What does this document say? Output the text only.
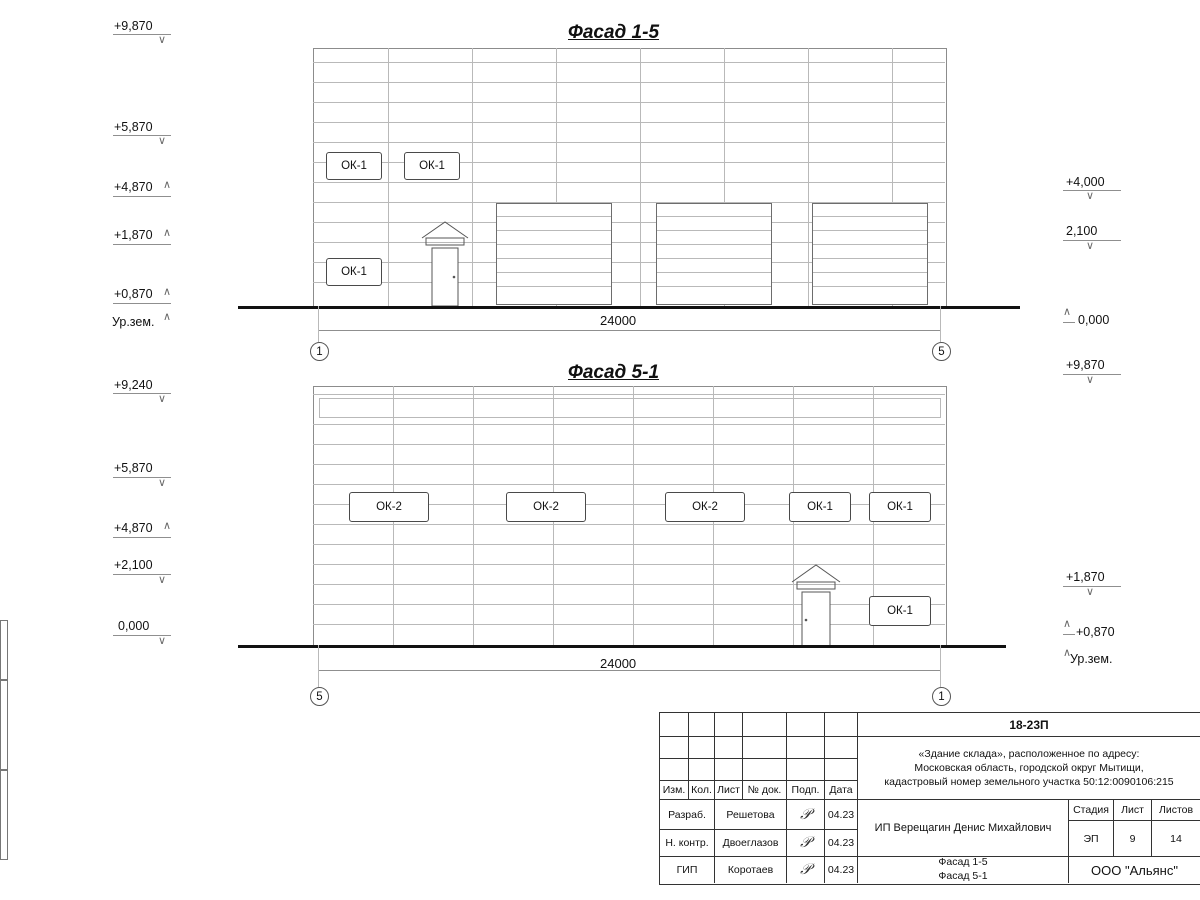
Фасад 1-5
ОК-1	ОК-1
ОК-1
24000
1	5
+9,870
∨
+5,870
∨
+4,870 ∧
+1,870 ∧
+0,870 ∧
Ур.зем. ∧
+4,000
∨
2,100
∨
0,000
∧
Фасад 5-1
ОК-2	ОК-2	ОК-2	ОК-1	ОК-1
ОК-1
24000
5	1
+9,240
∨
+5,870
∨
+4,870 ∧
+2,100
∨
0,000
∨
+9,870
∨
+1,870
∨
+0,870
∧
Ур.зем.
∧
Изм. Кол. Лист № док. Подп. Дата
Разраб.	Решетова	𝒫	04.23
Н. контр.	Двоеглазов	𝒫	04.23
ГИП	Коротаев	𝒫	04.23
18-23П
«Здание склада», расположенное по адресу:
Московская область, городской округ Мытищи,
кадастровый номер земельного участка 50:12:0090106:215
ИП Верещагин Денис Михайлович
Стадия	Лист	Листов
ЭП	9	14
Фасад 1-5
Фасад 5-1	ООО "Альянс"
